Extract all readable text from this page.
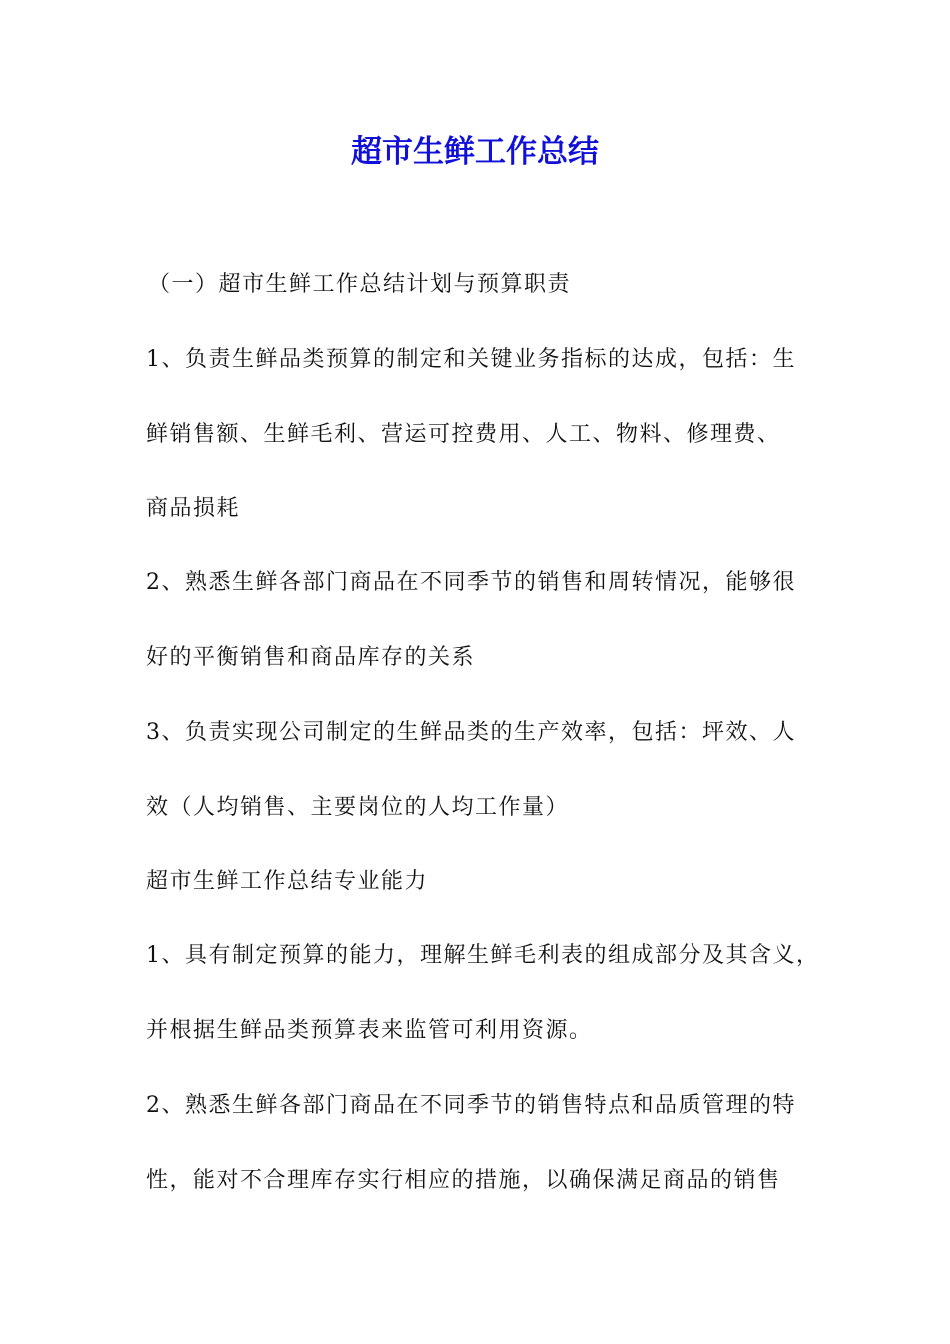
超市生鲜工作总结
（一）超市生鲜工作总结计划与预算职责
1、负责生鲜品类预算的制定和关键业务指标的达成，包括：生
鲜销售额、生鲜毛利、营运可控费用、人工、物料、修理费、
商品损耗
2、熟悉生鲜各部门商品在不同季节的销售和周转情况，能够很
好的平衡销售和商品库存的关系
3、负责实现公司制定的生鲜品类的生产效率，包括：坪效、人
效（人均销售、主要岗位的人均工作量）
超市生鲜工作总结专业能力
1、具有制定预算的能力，理解生鲜毛利表的组成部分及其含义，
并根据生鲜品类预算表来监管可利用资源。
2、熟悉生鲜各部门商品在不同季节的销售特点和品质管理的特
性，能对不合理库存实行相应的措施，以确保满足商品的销售
